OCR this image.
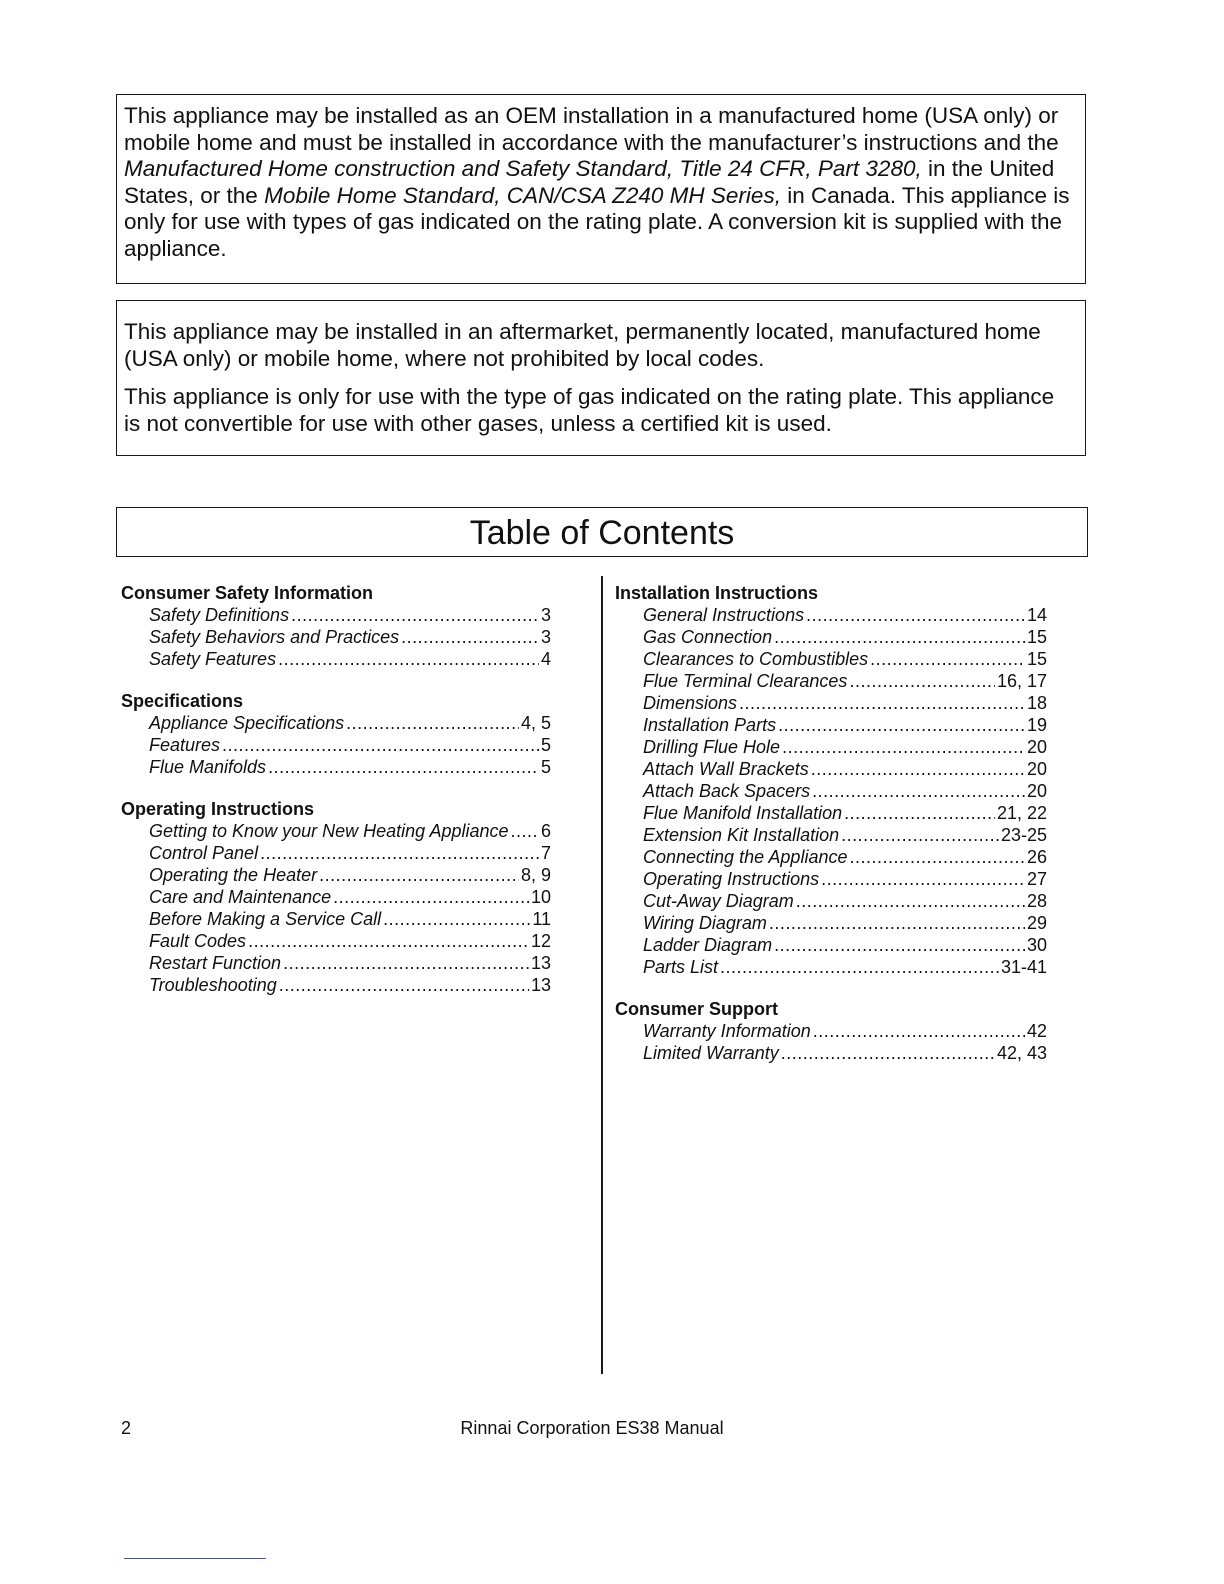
This appliance may be installed as an OEM installation in a manufactured home (USA only) or mobile home and must be installed in accordance with the manufacturer’s instructions and the Manufactured Home construction and Safety Standard, Title 24 CFR, Part 3280, in the United States, or the Mobile Home Standard, CAN/CSA Z240 MH Series, in Canada. This appliance is only for use with types of gas indicated on the rating plate. A conversion kit is supplied with the appliance.

This appliance may be installed in an aftermarket, permanently located, manufactured home (USA only) or mobile home, where not prohibited by local codes.

This appliance is only for use with the type of gas indicated on the rating plate. This appliance is not convertible for use with other gases, unless a certified kit is used.

Table of Contents
Consumer Safety Information
Safety Definitions .....	3
Safety Behaviors and Practices .....	3
Safety Features .....	4
Specifications
Appliance Specifications .....	4, 5
Features .....	5
Flue Manifolds .....	5
Operating Instructions
Getting to Know your New Heating Appliance ..... 6
Control Panel .....	7
Operating the Heater .....	8, 9
Care and Maintenance .....	10
Before Making a Service Call .....	11
Fault Codes .....	12
Restart Function .....	13
Troubleshooting .....	13
Installation Instructions
General Instructions .....	14
Gas Connection .....	15
Clearances to Combustibles .....	15
Flue Terminal Clearances .....	16, 17
Dimensions .....	18
Installation Parts .....	19
Drilling Flue Hole .....	20
Attach Wall Brackets .....	20
Attach Back Spacers .....	20
Flue Manifold Installation .....	21, 22
Extension Kit Installation .....	23-25
Connecting the Appliance .....	26
Operating Instructions .....	27
Cut-Away Diagram .....	28
Wiring Diagram .....	29
Ladder Diagram .....	30
Parts List .....	31-41
Consumer Support
Warranty Information .....	42
Limited Warranty .....	42, 43
2	Rinnai Corporation ES38 Manual
